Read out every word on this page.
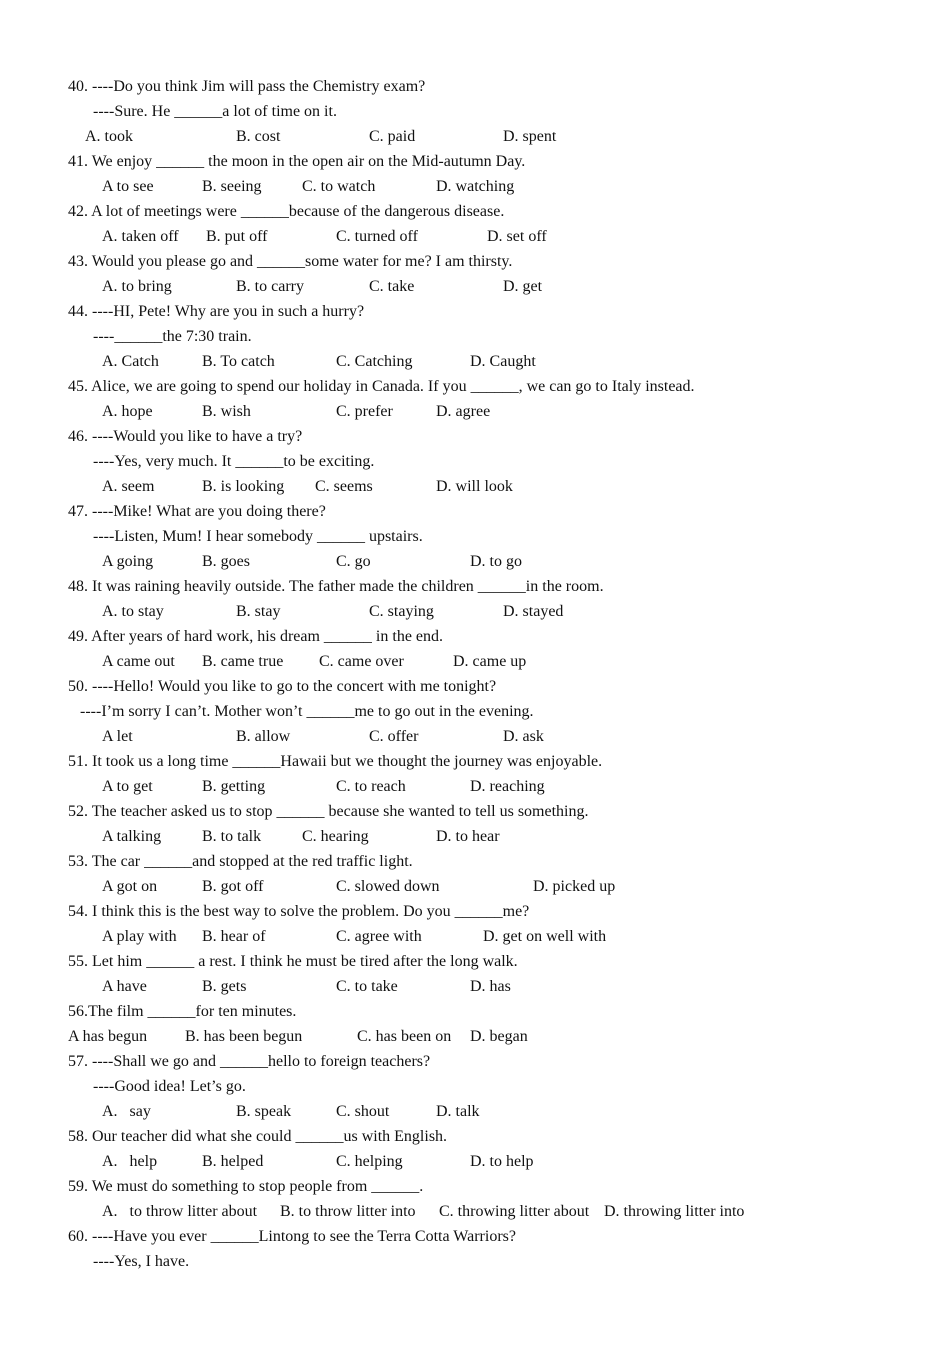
40. ----Do you think Jim will pass the Chemistry exam?
----Sure. He ______a lot of time on it.

A. took

	B. cost

	C. paid

	D. spent

41. We enjoy ______ the moon in the open air on the Mid-autumn Day.

A to see

	B. seeing

	C. to watch

	D. watching

42. A lot of meetings were ______because of the dangerous disease.

A. taken off

B. put off

	C. turned off

	D. set off

43. Would you please go and ______some water for me? I am thirsty.

A. to bring

	B. to carry

	C. take

	D. get

44. ----HI, Pete! Why are you in such a hurry?
----______the 7:30 train.

A. Catch

	B. To catch

	C. Catching

	D. Caught

45. Alice, we are going to spend our holiday in Canada. If you ______, we can go to Italy instead.

A. hope

	B. wish

	C. prefer

	D. agree

46. ----Would you like to have a try?
----Yes, very much. It ______to be exciting.

A. seem

	B. is looking

C. seems

	D. will look

47. ----Mike! What are you doing there?
----Listen, Mum! I hear somebody ______ upstairs.

A going

	B. goes

	C. go

	D. to go

48. It was raining heavily outside. The father made the children ______in the room.

A. to stay

	B. stay

	C. staying

	D. stayed

49. After years of hard work, his dream ______ in the end.

A came out

B. came true

C. came over

	D. came up

50. ----Hello! Would you like to go to the concert with me tonight?
----I’m sorry I can’t. Mother won’t ______me to go out in the evening.

A let

	B. allow

	C. offer

	D. ask

51. It took us a long time ______Hawaii but we thought the journey was enjoyable.

A to get

	B. getting

	C. to reach

	D. reaching

52. The teacher asked us to stop ______ because she wanted to tell us something.

A talking

	B. to talk

	C. hearing

	D. to hear

53. The car ______and stopped at the red traffic light.

A got on

	B. got off

	C. slowed down

	D. picked up

54. I think this is the best way to solve the problem. Do you ______me?

A play with

B. hear of

	C. agree with

	D. get on well with

55. Let him ______ a rest. I think he must be tired after the long walk.

A have

	B. gets

	C. to take

	D. has

56.The film ______for ten minutes.

A has begun

B. has been begun

	C. has been on

D. began

57. ----Shall we go and ______hello to foreign teachers?
----Good idea! Let’s go.

A.   say

	B. speak

	C. shout

	D. talk

58. Our teacher did what she could ______us with English.

A.   help

	B. helped

	C. helping

	D. to help

59. We must do something to stop people from ______.

A.   to throw litter about

B. to throw litter into

C. throwing litter about

D. throwing litter into

60. ----Have you ever ______Lintong to see the Terra Cotta Warriors?
----Yes, I have.
